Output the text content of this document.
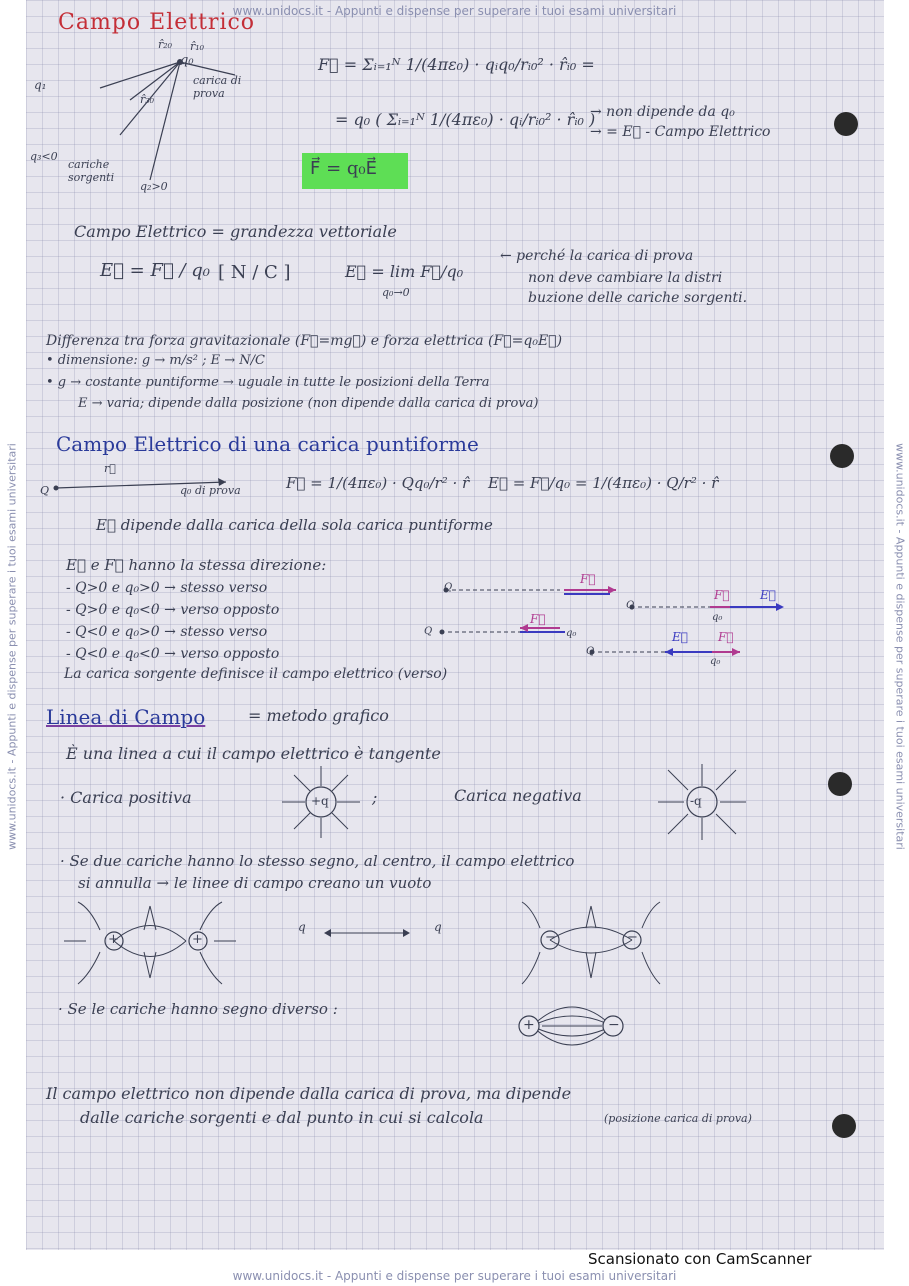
www.unidocs.it - Appunti e dispense per superare i tuoi esami universitari
www.unidocs.it - Appunti e dispense per superare i tuoi esami universitari	www.unidocs.it - Appunti e dispense per superare i tuoi esami universitari
Campo Elettrico
r̂₂₀
q₀
r̂₁₀
carica di prova
q₁
r̂₃₀
q₃<0
cariche sorgenti
q₂>0
F⃗ = Σᵢ₌₁ᴺ 1/(4πε₀) · qᵢq₀/rᵢ₀² · r̂ᵢ₀ =
= q₀ ( Σᵢ₌₁ᴺ 1/(4πε₀) · qᵢ/rᵢ₀² · r̂ᵢ₀ )
→ non dipende da q₀
→ = E⃗ - Campo Elettrico
F⃗ = q₀E⃗
Campo Elettrico = grandezza vettoriale
E⃗ = F⃗ / q₀ [ N / C ]	E⃗ = lim F⃗/q₀
q₀→0
← perché la carica di prova
non deve cambiare la distri
buzione delle cariche sorgenti.
Differenza tra forza gravitazionale (F⃗=mg⃗) e forza elettrica (F⃗=q₀E⃗)
• dimensione: g → m/s² ; E → N/C
• g → costante puntiforme → uguale in tutte le posizioni della Terra
E → varia; dipende dalla posizione (non dipende dalla carica di prova)
Campo Elettrico di una carica puntiforme
Q
r⃗
q₀ di prova	F⃗ = 1/(4πε₀) · Qq₀/r² · r̂ E⃗ = F⃗/q₀ = 1/(4πε₀) · Q/r² · r̂
E⃗ dipende dalla carica della sola carica puntiforme
E⃗ e F⃗ hanno la stessa direzione:
- Q>0 e q₀>0 → stesso verso
- Q>0 e q₀<0 → verso opposto
- Q<0 e q₀>0 → stesso verso
- Q<0 e q₀<0 → verso opposto
La carica sorgente definisce il campo elettrico (verso)
Q
F⃗
Q
F⃗	E⃗
q₀
Q
F⃗
q₀
Q
E⃗	F⃗
q₀
Linea di Campo	= metodo grafico
È una linea a cui il campo elettrico è tangente
· Carica positiva	;	Carica negativa
+q	-q
· Se due cariche hanno lo stesso segno, al centro, il campo elettrico
si annulla → le linee di campo creano un vuoto
+	+
q	q
−	−
· Se le cariche hanno segno diverso :
+	−
Il campo elettrico non dipende dalla carica di prova, ma dipende
dalle cariche sorgenti e dal punto in cui si calcola	(posizione carica di prova)
www.unidocs.it - Appunti e dispense per superare i tuoi esami universitari
Scansionato con CamScanner
